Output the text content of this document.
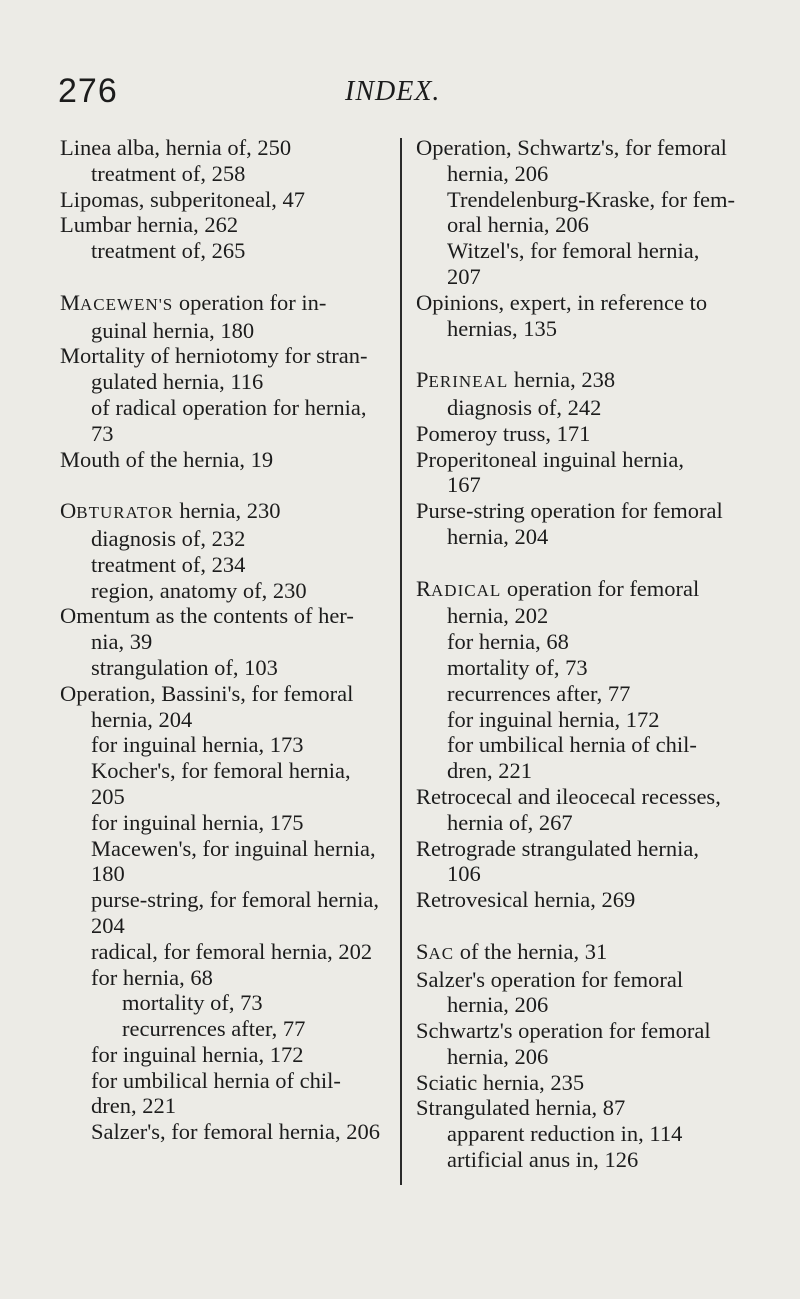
276	INDEX.

Linea alba, hernia of, 250

treatment of, 258

Lipomas, subperitoneal, 47

Lumbar hernia, 262

treatment of, 265

MACEWEN'S operation for in-

guinal hernia, 180

Mortality of herniotomy for stran-

gulated hernia, 116

of radical operation for hernia,

73

Mouth of the hernia, 19

OBTURATOR hernia, 230

diagnosis of, 232

treatment of, 234

region, anatomy of, 230

Omentum as the contents of her-

nia, 39

strangulation of, 103

Operation, Bassini's, for femoral

hernia, 204

for inguinal hernia, 173

Kocher's, for femoral hernia,

205

for inguinal hernia, 175

Macewen's, for inguinal hernia,

180

purse-string, for femoral hernia,

204

radical, for femoral hernia, 202

for hernia, 68

mortality of, 73

recurrences after, 77

for inguinal hernia, 172

for umbilical hernia of chil-

dren, 221

Salzer's, for femoral hernia, 206

Operation, Schwartz's, for femoral

hernia, 206

Trendelenburg-Kraske, for fem-

oral hernia, 206

Witzel's, for femoral hernia,

207

Opinions, expert, in reference to

hernias, 135

PERINEAL hernia, 238

diagnosis of, 242

Pomeroy truss, 171

Properitoneal inguinal hernia,

167

Purse-string operation for femoral

hernia, 204

RADICAL operation for femoral

hernia, 202

for hernia, 68

mortality of, 73

recurrences after, 77

for inguinal hernia, 172

for umbilical hernia of chil-

dren, 221

Retrocecal and ileocecal recesses,

hernia of, 267

Retrograde strangulated hernia,

106

Retrovesical hernia, 269

SAC of the hernia, 31

Salzer's operation for femoral

hernia, 206

Schwartz's operation for femoral

hernia, 206

Sciatic hernia, 235

Strangulated hernia, 87

apparent reduction in, 114

artificial anus in, 126
